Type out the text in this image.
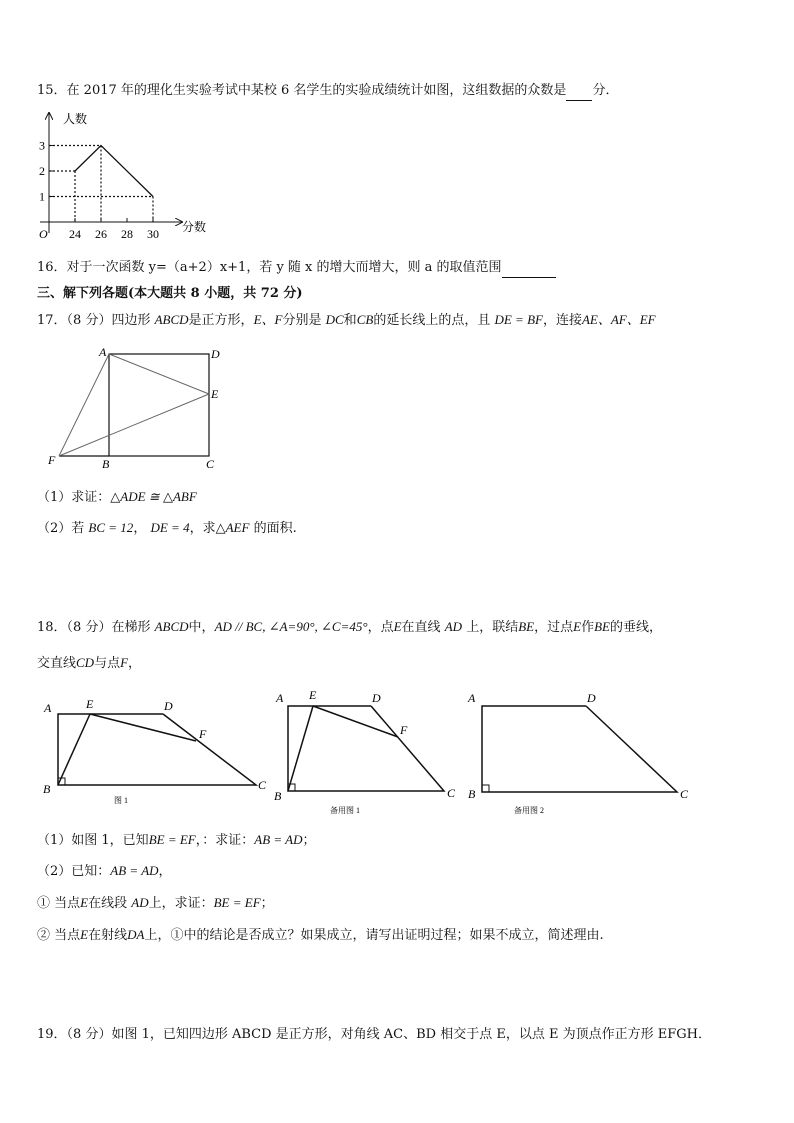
15．在 2017 年的理化生实验考试中某校 6 名学生的实验成绩统计如图，这组数据的众数是 分．
人数
分数
O 24 26 28 30
1
2
3
16．对于一次函数 y=（a+2）x+1，若 y 随 x 的增大而增大，则 a 的取值范围
三、解下列各题(本大题共 8 小题，共 72 分)
17．（8 分）四边形 ABCD是正方形，E、F分别是 DC和CB的延长线上的点，且 DE = BF，连接AE、AF、EF
A	D
E
F	B	C
（1）求证：△ADE ≅ △ABF
（2）若 BC = 12， DE = 4，求△AEF 的面积.
18．（8 分）在梯形 ABCD中，AD // BC, ∠A=90°, ∠C=45°，点E在直线 AD 上，联结BE，过点E作BE的垂线，
交直线CD与点F，
A	E	D
F
B	C
图 1
A E	D
F
B	C
备用图 1
A	D
B	C
备用图 2
（1）如图 1，已知BE = EF，：求证：AB = AD；
（2）已知：AB = AD，
① 当点E在线段 AD上，求证：BE = EF；
② 当点E在射线DA上，①中的结论是否成立？如果成立，请写出证明过程；如果不成立，简述理由.
19．（8 分）如图 1，已知四边形 ABCD 是正方形，对角线 AC、BD 相交于点 E，以点 E 为顶点作正方形 EFGH．
